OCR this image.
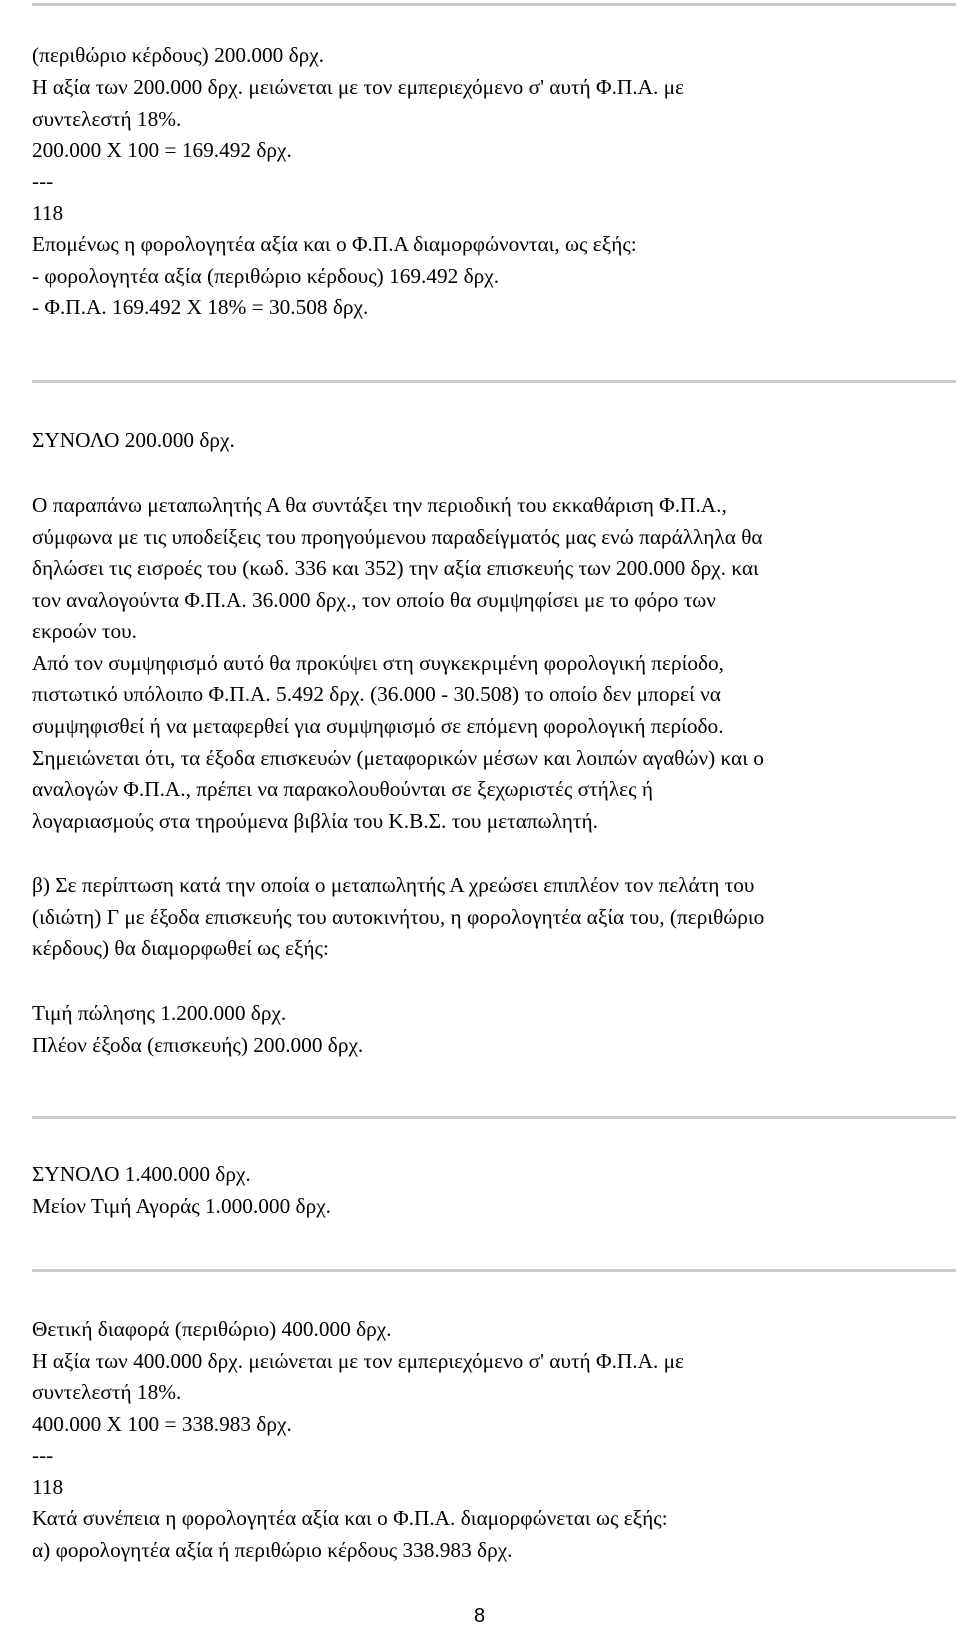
(περιθώριο κέρδους) 200.000 δρχ.

Η αξία των 200.000 δρχ. μειώνεται με τον εμπεριεχόμενο σ' αυτή Φ.Π.Α. με

συντελεστή 18%.

200.000 Χ 100 = 169.492 δρχ.

---

118

Επομένως η φορολογητέα αξία και ο Φ.Π.Α διαμορφώνονται, ως εξής:

- φορολογητέα αξία (περιθώριο κέρδους) 169.492 δρχ.

- Φ.Π.Α. 169.492 Χ 18% = 30.508 δρχ.

ΣΥΝΟΛΟ 200.000 δρχ.

Ο παραπάνω μεταπωλητής Α θα συντάξει την περιοδική του εκκαθάριση Φ.Π.Α.,

σύμφωνα με τις υποδείξεις του προηγούμενου παραδείγματός μας ενώ παράλληλα θα

δηλώσει τις εισροές του (κωδ. 336 και 352) την αξία επισκευής των 200.000 δρχ. και

τον αναλογούντα Φ.Π.Α. 36.000 δρχ., τον οποίο θα συμψηφίσει με το φόρο των

εκροών του.

Από τον συμψηφισμό αυτό θα προκύψει στη συγκεκριμένη φορολογική περίοδο,

πιστωτικό υπόλοιπο Φ.Π.Α. 5.492 δρχ. (36.000 - 30.508) το οποίο δεν μπορεί να

συμψηφισθεί ή να μεταφερθεί για συμψηφισμό σε επόμενη φορολογική περίοδο.

Σημειώνεται ότι, τα έξοδα επισκευών (μεταφορικών μέσων και λοιπών αγαθών) και ο

αναλογών Φ.Π.Α., πρέπει να παρακολουθούνται σε ξεχωριστές στήλες ή

λογαριασμούς στα τηρούμενα βιβλία του Κ.Β.Σ. του μεταπωλητή.

β) Σε περίπτωση κατά την οποία ο μεταπωλητής Α χρεώσει επιπλέον τον πελάτη του

(ιδιώτη) Γ με έξοδα επισκευής του αυτοκινήτου, η φορολογητέα αξία του, (περιθώριο

κέρδους) θα διαμορφωθεί ως εξής:

Τιμή πώλησης 1.200.000 δρχ.

Πλέον έξοδα (επισκευής) 200.000 δρχ.

ΣΥΝΟΛΟ 1.400.000 δρχ.

Μείον Τιμή Αγοράς 1.000.000 δρχ.

Θετική διαφορά (περιθώριο) 400.000 δρχ.

Η αξία των 400.000 δρχ. μειώνεται με τον εμπεριεχόμενο σ' αυτή Φ.Π.Α. με

συντελεστή 18%.

400.000 Χ 100 = 338.983 δρχ.

---

118

Κατά συνέπεια η φορολογητέα αξία και ο Φ.Π.Α. διαμορφώνεται ως εξής:

α) φορολογητέα αξία ή περιθώριο κέρδους 338.983 δρχ.

8
